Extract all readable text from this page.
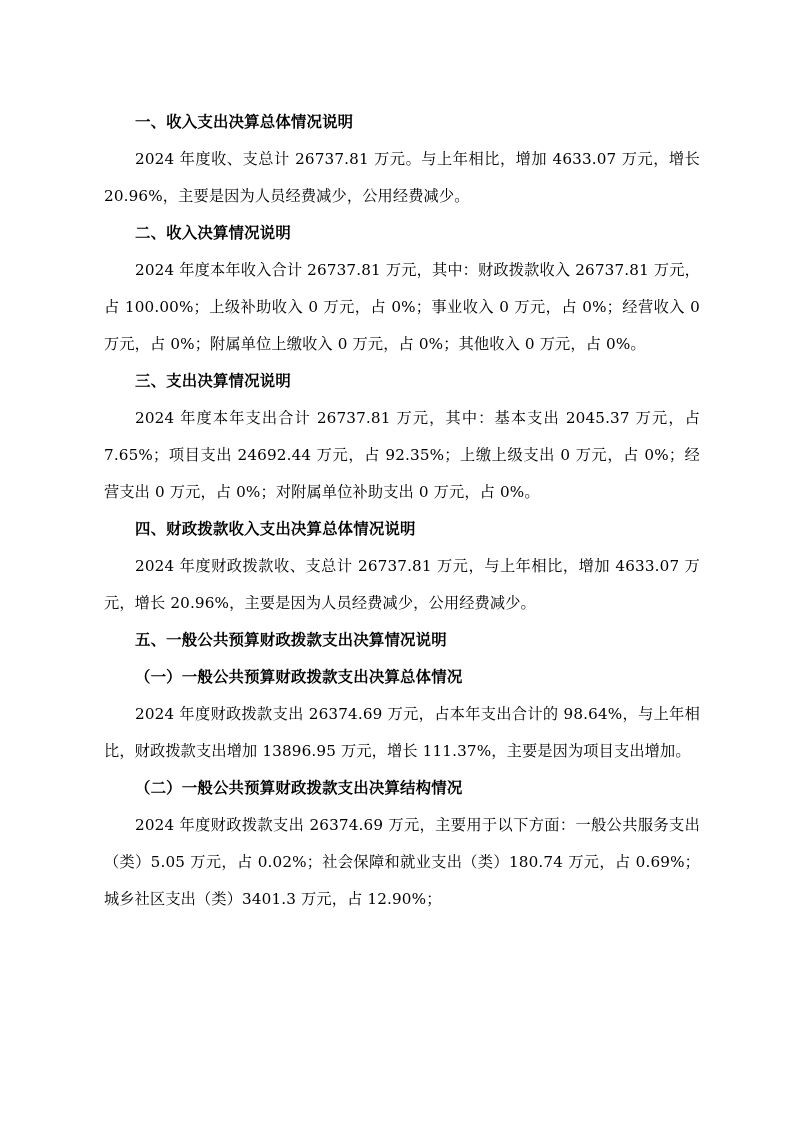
一、收入支出决算总体情况说明

2024 年度收、支总计 26737.81 万元。与上年相比，增加 4633.07 万元，增长 20.96%，主要是因为人员经费减少，公用经费减少。

二、收入决算情况说明

2024 年度本年收入合计 26737.81 万元，其中：财政拨款收入 26737.81 万元，占 100.00%；上级补助收入 0 万元，占 0%；事业收入 0 万元，占 0%；经营收入 0 万元，占 0%；附属单位上缴收入 0 万元，占 0%；其他收入 0 万元，占 0%。

三、支出决算情况说明

2024 年度本年支出合计 26737.81 万元，其中：基本支出 2045.37 万元，占 7.65%；项目支出 24692.44 万元，占 92.35%；上缴上级支出 0 万元，占 0%；经营支出 0 万元，占 0%；对附属单位补助支出 0 万元，占 0%。

四、财政拨款收入支出决算总体情况说明

2024 年度财政拨款收、支总计 26737.81 万元，与上年相比，增加 4633.07 万元，增长 20.96%，主要是因为人员经费减少，公用经费减少。

五、一般公共预算财政拨款支出决算情况说明
（一）一般公共预算财政拨款支出决算总体情况

2024 年度财政拨款支出 26374.69 万元，占本年支出合计的 98.64%，与上年相比，财政拨款支出增加 13896.95 万元，增长 111.37%，主要是因为项目支出增加。

（二）一般公共预算财政拨款支出决算结构情况

2024 年度财政拨款支出 26374.69 万元，主要用于以下方面：一般公共服务支出（类）5.05 万元，占 0.02%；社会保障和就业支出（类）180.74 万元，占 0.69%；城乡社区支出（类）3401.3 万元，占 12.90%；
